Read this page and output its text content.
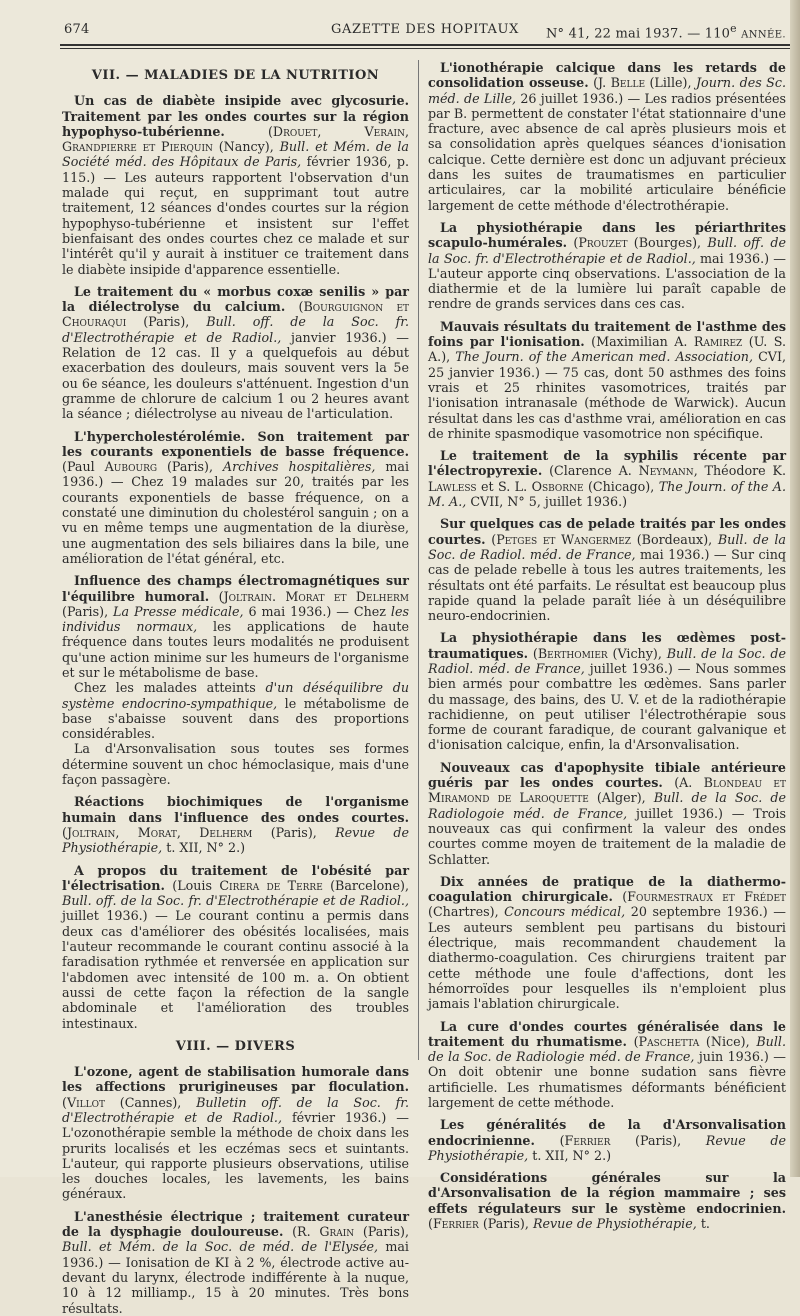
674	GAZETTE DES HOPITAUX	N° 41, 22 mai 1937. — 110e ANNÉE.
VII. — MALADIES DE LA NUTRITION

Un cas de diabète insipide avec glycosurie. Traitement par les ondes courtes sur la région hypophyso-tubérienne.	(Drouet, Verain, Grandpierre et Pierquin (Nancy), Bull. et Mém. de la Société méd. des Hôpitaux de Paris, février 1936, p. 115.) — Les auteurs rapportent l'observation d'un malade qui reçut, en supprimant tout autre traitement, 12 séances d'ondes courtes sur la région hypophyso-tubérienne et insistent sur l'effet bienfaisant des ondes courtes chez ce malade et sur l'intérêt qu'il y aurait à instituer ce traitement dans le diabète insipide d'apparence essentielle.

Le traitement du « morbus coxæ senilis » par la diélectrolyse du calcium. (Bourguignon et Chouraqui (Paris), Bull. off. de la Soc. fr. d'Electrothérapie et de Radiol., janvier 1936.) — Relation de 12 cas. Il y a quelquefois au début exacerbation des douleurs, mais souvent vers la 5e ou 6e séance, les douleurs s'atténuent. Ingestion d'un gramme de chlorure de calcium 1 ou 2 heures avant la séance ; diélectrolyse au niveau de l'articulation.

L'hypercholestérolémie. Son traitement par les courants exponentiels de basse fréquence. (Paul Aubourg (Paris), Archives hospitalières, mai 1936.) — Chez 19 malades sur 20, traités par les courants exponentiels de basse fréquence, on a constaté une diminution du cholestérol sanguin ; on a vu en même temps une augmentation de la diurèse, une augmentation des sels biliaires dans la bile, une amélioration de l'état général, etc.

Influence des champs électromagnétiques sur l'équilibre humoral. (Joltrain. Morat et Delherm (Paris), La Presse médicale, 6 mai 1936.) — Chez les individus normaux, les applications de haute fréquence dans toutes leurs modalités ne produisent qu'une action minime sur les humeurs de l'organisme et sur le métabolisme de base.

Chez les malades atteints d'un déséquilibre du système endocrino-sympathique, le métabolisme de base s'abaisse souvent dans des proportions considérables.

La d'Arsonvalisation sous toutes ses formes détermine souvent un choc hémoclasique, mais d'une façon passagère.

Réactions biochimiques de l'organisme humain dans l'influence des ondes courtes. (Joltrain, Morat, Delherm (Paris), Revue de Physiothérapie, t. XII, N° 2.)

A propos du traitement de l'obésité par l'électrisation. (Louis Cirera de Terre (Barcelone), Bull. off. de la Soc. fr. d'Electrothérapie et de Radiol., juillet 1936.) — Le courant continu a permis dans deux cas d'améliorer des obésités localisées, mais l'auteur recommande le courant continu associé à la faradisation rythmée et renversée en application sur l'abdomen avec intensité de 100 m. a. On obtient aussi de cette façon la réfection de la sangle abdominale et l'amélioration des troubles intestinaux.

VIII. — DIVERS

L'ozone, agent de stabilisation humorale dans les affections prurigineuses par floculation. (Villot (Cannes), Bulletin off. de la Soc. fr. d'Electrothérapie et de Radiol., février 1936.) — L'ozonothérapie semble la méthode de choix dans les prurits localisés et les eczémas secs et suintants. L'auteur, qui rapporte plusieurs observations, utilise les douches locales, les lavements, les bains généraux.

L'anesthésie électrique ; traitement curateur de la dysphagie douloureuse. (R. Grain (Paris), Bull. et Mém. de la Soc. de méd. de l'Elysée, mai 1936.) — Ionisation de KI à 2 %, électrode active au-devant du larynx, électrode indifférente à la nuque, 10 à 12 milliamp., 15 à 20 minutes. Très bons résultats.

L'ionothérapie calcique dans les retards de consolidation osseuse. (J. Belle (Lille), Journ. des Sc. méd. de Lille, 26 juillet 1936.) — Les radios présentées par B. permettent de constater l'état stationnaire d'une fracture, avec absence de cal après plusieurs mois et sa consolidation après quelques séances d'ionisation calcique. Cette dernière est donc un adjuvant précieux dans les suites de traumatismes en particulier articulaires, car la mobilité articulaire bénéficie largement de cette méthode d'électrothérapie.

La physiothérapie dans les périarthrites scapulo-humérales. (Prouzet (Bourges), Bull. off. de la Soc. fr. d'Electrothérapie et de Radiol., mai 1936.) — L'auteur apporte cinq observations. L'association de la diathermie et de la lumière lui paraît capable de rendre de grands services dans ces cas.

Mauvais résultats du traitement de l'asthme des foins par l'ionisation. (Maximilian A. Ramirez (U. S. A.), The Journ. of the American med. Association, CVI, 25 janvier 1936.) — 75 cas, dont 50 asthmes des foins vrais et 25 rhinites vasomotrices, traités par l'ionisation intranasale (méthode de Warwick). Aucun résultat dans les cas d'asthme vrai, amélioration en cas de rhinite spasmodique vasomotrice non spécifique.

Le traitement de la syphilis récente par l'électropyrexie. (Clarence A. Neymann, Théodore K. Lawless et S. L. Osborne (Chicago), The Journ. of the A. M. A., CVII, N° 5, juillet 1936.)

Sur quelques cas de pelade traités par les ondes courtes. (Petges et Wangermez (Bordeaux), Bull. de la Soc. de Radiol. méd. de France, mai 1936.) — Sur cinq cas de pelade rebelle à tous les autres traitements, les résultats ont été parfaits. Le résultat est beaucoup plus rapide quand la pelade paraît liée à un déséquilibre neuro-endocrinien.

La physiothérapie dans les œdèmes post-traumatiques. (Berthomier (Vichy), Bull. de la Soc. de Radiol. méd. de France, juillet 1936.) — Nous sommes bien armés pour combattre les œdèmes. Sans parler du massage, des bains, des U. V. et de la radiothérapie rachidienne, on peut utiliser l'électrothérapie sous forme de courant faradique, de courant galvanique et d'ionisation calcique, enfin, la d'Arsonvalisation.

Nouveaux cas d'apophysite tibiale antérieure guéris par les ondes courtes. (A. Blondeau et Miramond de Laroquette (Alger), Bull. de la Soc. de Radiologoie méd. de France, juillet 1936.) — Trois nouveaux cas qui confirment la valeur des ondes courtes comme moyen de traitement de la maladie de Schlatter.

Dix années de pratique de la diathermo-coagulation chirurgicale. (Fourmestraux et Frédet (Chartres), Concours médical, 20 septembre 1936.) — Les auteurs semblent peu partisans du bistouri électrique, mais recommandent chaudement la diathermo-coagulation. Ces chirurgiens traitent par cette méthode une foule d'affections, dont les hémorroïdes pour lesquelles ils n'emploient plus jamais l'ablation chirurgicale.

La cure d'ondes courtes généralisée dans le traitement du rhumatisme. (Paschetta (Nice), Bull. de la Soc. de Radiologie méd. de France, juin 1936.) — On doit obtenir une bonne sudation sans fièvre artificielle. Les rhumatismes déformants bénéficient largement de cette méthode.

Les généralités de la d'Arsonvalisation endocrinienne. (Ferrier (Paris), Revue de Physiothérapie, t. XII, N° 2.)

Considérations générales sur la d'Arsonvalisation de la région mammaire ; ses effets régulateurs sur le système endocrinien. (Ferrier (Paris), Revue de Physiothérapie, t.
